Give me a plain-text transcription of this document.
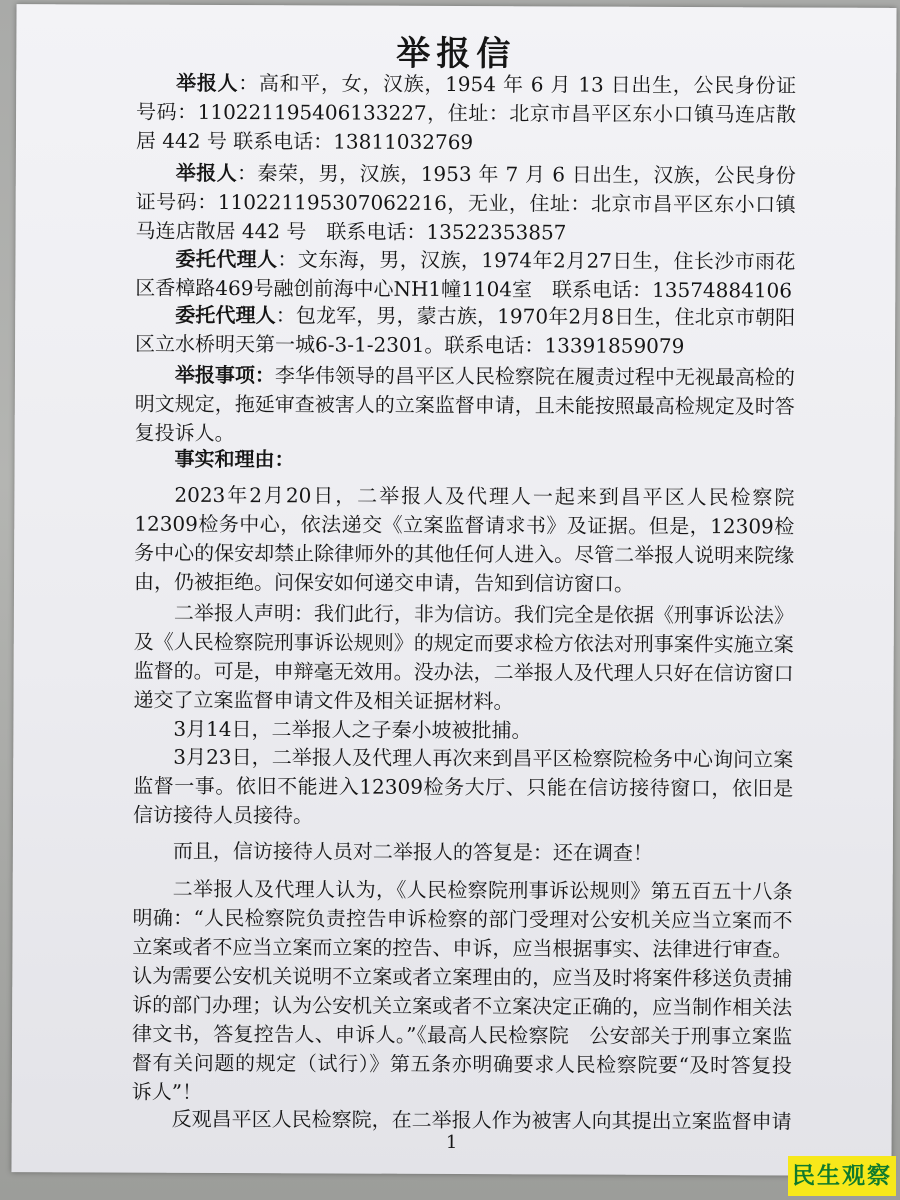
举报信
举报人：高和平，女，汉族，1954 年 6 月 13 日出生，公民身份证号码：110221195406133227，住址：北京市昌平区东小口镇马连店散居 442 号 联系电话：13811032769
举报人：秦荣，男，汉族，1953 年 7 月 6 日出生，汉族，公民身份证号码：110221195307062216，无业，住址：北京市昌平区东小口镇马连店散居 442 号　联系电话：13522353857
委托代理人：文东海，男，汉族，1974年2月27日生，住长沙市雨花区香樟路469号融创前海中心NH1幢1104室　联系电话：13574884106
委托代理人：包龙军，男，蒙古族，1970年2月8日生，住北京市朝阳区立水桥明天第一城6-3-1-2301。联系电话：13391859079
举报事项：李华伟领导的昌平区人民检察院在履责过程中无视最高检的明文规定，拖延审查被害人的立案监督申请，且未能按照最高检规定及时答复投诉人。
事实和理由：
2023年2月20日，二举报人及代理人一起来到昌平区人民检察院12309检务中心，依法递交《立案监督请求书》及证据。但是，12309检务中心的保安却禁止除律师外的其他任何人进入。尽管二举报人说明来院缘由，仍被拒绝。问保安如何递交申请，告知到信访窗口。
二举报人声明：我们此行，非为信访。我们完全是依据《刑事诉讼法》及《人民检察院刑事诉讼规则》的规定而要求检方依法对刑事案件实施立案监督的。可是，申辩毫无效用。没办法，二举报人及代理人只好在信访窗口递交了立案监督申请文件及相关证据材料。
3月14日，二举报人之子秦小坡被批捕。
3月23日，二举报人及代理人再次来到昌平区检察院检务中心询问立案监督一事。依旧不能进入12309检务大厅、只能在信访接待窗口，依旧是信访接待人员接待。
而且，信访接待人员对二举报人的答复是：还在调查！
二举报人及代理人认为，《人民检察院刑事诉讼规则》第五百五十八条明确：“人民检察院负责控告申诉检察的部门受理对公安机关应当立案而不立案或者不应当立案而立案的控告、申诉，应当根据事实、法律进行审查。认为需要公安机关说明不立案或者立案理由的，应当及时将案件移送负责捕诉的部门办理；认为公安机关立案或者不立案决定正确的，应当制作相关法律文书，答复控告人、申诉人。”《最高人民检察院　公安部关于刑事立案监督有关问题的规定（试行）》第五条亦明确要求人民检察院要“及时答复投诉人”！
反观昌平区人民检察院，在二举报人作为被害人向其提出立案监督申请
1
民生观察
